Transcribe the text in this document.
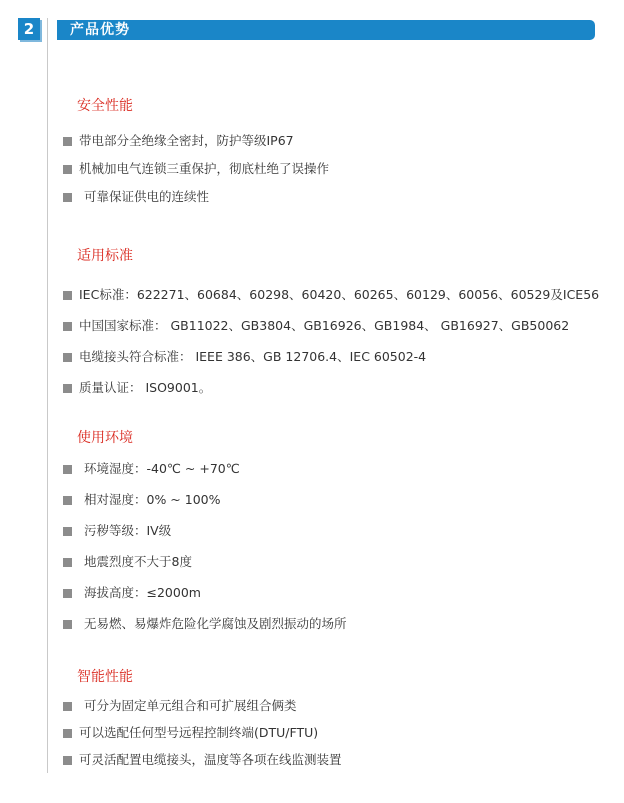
2	产品优势
安全性能
带电部分全绝缘全密封，防护等级IP67
机械加电气连锁三重保护，彻底杜绝了误操作
可靠保证供电的连续性
适用标准
IEC标准：622271、60684、60298、60420、60265、60129、60056、60529及ICE56
中国国家标准： GB11022、GB3804、GB16926、GB1984、 GB16927、GB50062
电缆接头符合标准： IEEE 386、GB 12706.4、IEC 60502-4
质量认证： ISO9001。
使用环境
环境湿度：-40℃ ~ +70℃
相对湿度：0% ~ 100%
污秽等级：IV级
地震烈度不大于8度
海拔高度：≤2000m
无易燃、易爆炸危险化学腐蚀及剧烈振动的场所
智能性能
可分为固定单元组合和可扩展组合俩类
可以选配任何型号远程控制终端(DTU/FTU)
可灵活配置电缆接头，温度等各项在线监测装置
